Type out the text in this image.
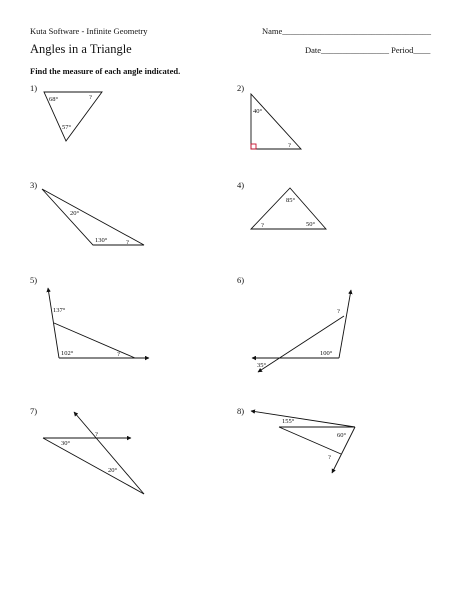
Kuta Software - Infinite Geometry	Name___________________________________
Angles in a Triangle	Date________________ Period____
Find the measure of each angle indicated.
1)	2)
3)	4)
5)	6)
7)	8)
68°	?
57°
40°
?
20°
130°	?
85°
?	50°
137°
102°	?
?
100°
35°
?
30°
20°
155°
60°
?
